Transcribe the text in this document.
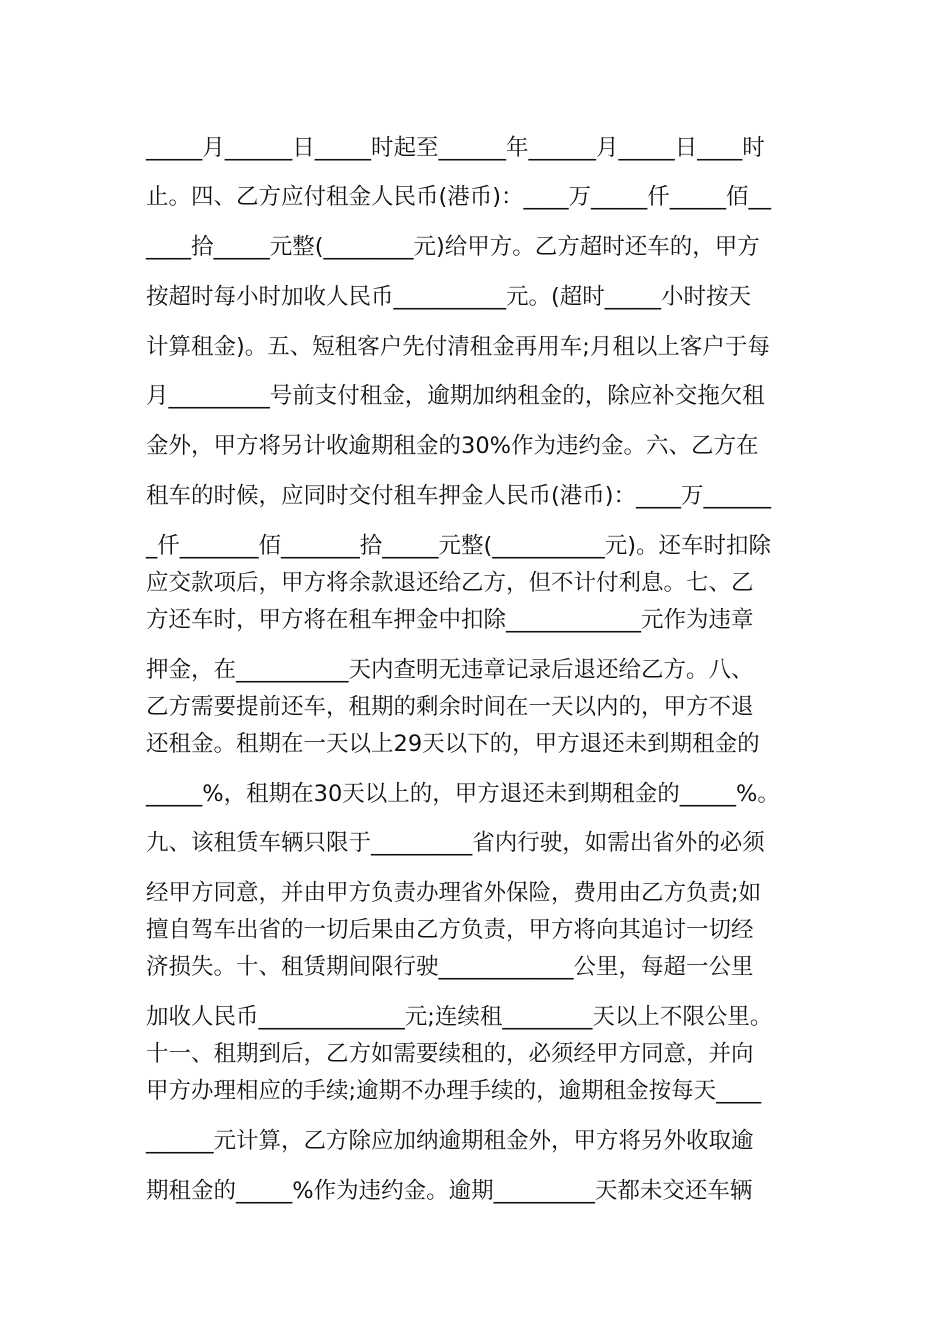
_____月______日_____时起至______年______月_____日____时
止。四、乙方应付租金人民币(港币)：____万_____仟_____佰__
____拾_____元整(________元)给甲方。乙方超时还车的，甲方
按超时每小时加收人民币__________元。(超时_____小时按天
计算租金)。五、短租客户先付清租金再用车;月租以上客户于每
月_________号前支付租金，逾期加纳租金的，除应补交拖欠租
金外，甲方将另计收逾期租金的30%作为违约金。六、乙方在
租车的时候，应同时交付租车押金人民币(港币)：____万______
_仟_______佰_______拾_____元整(__________元)。还车时扣除
应交款项后，甲方将余款退还给乙方，但不计付利息。七、乙
方还车时，甲方将在租车押金中扣除____________元作为违章
押金，在__________天内查明无违章记录后退还给乙方。八、
乙方需要提前还车，租期的剩余时间在一天以内的，甲方不退
还租金。租期在一天以上29天以下的，甲方退还未到期租金的
_____%，租期在30天以上的，甲方退还未到期租金的_____%。
九、该租赁车辆只限于_________省内行驶，如需出省外的必须
经甲方同意，并由甲方负责办理省外保险，费用由乙方负责;如
擅自驾车出省的一切后果由乙方负责，甲方将向其追讨一切经
济损失。十、租赁期间限行驶____________公里，每超一公里
加收人民币_____________元;连续租________天以上不限公里。
十一、租期到后，乙方如需要续租的，必须经甲方同意，并向
甲方办理相应的手续;逾期不办理手续的，逾期租金按每天____
______元计算，乙方除应加纳逾期租金外，甲方将另外收取逾
期租金的_____%作为违约金。逾期_________天都未交还车辆
